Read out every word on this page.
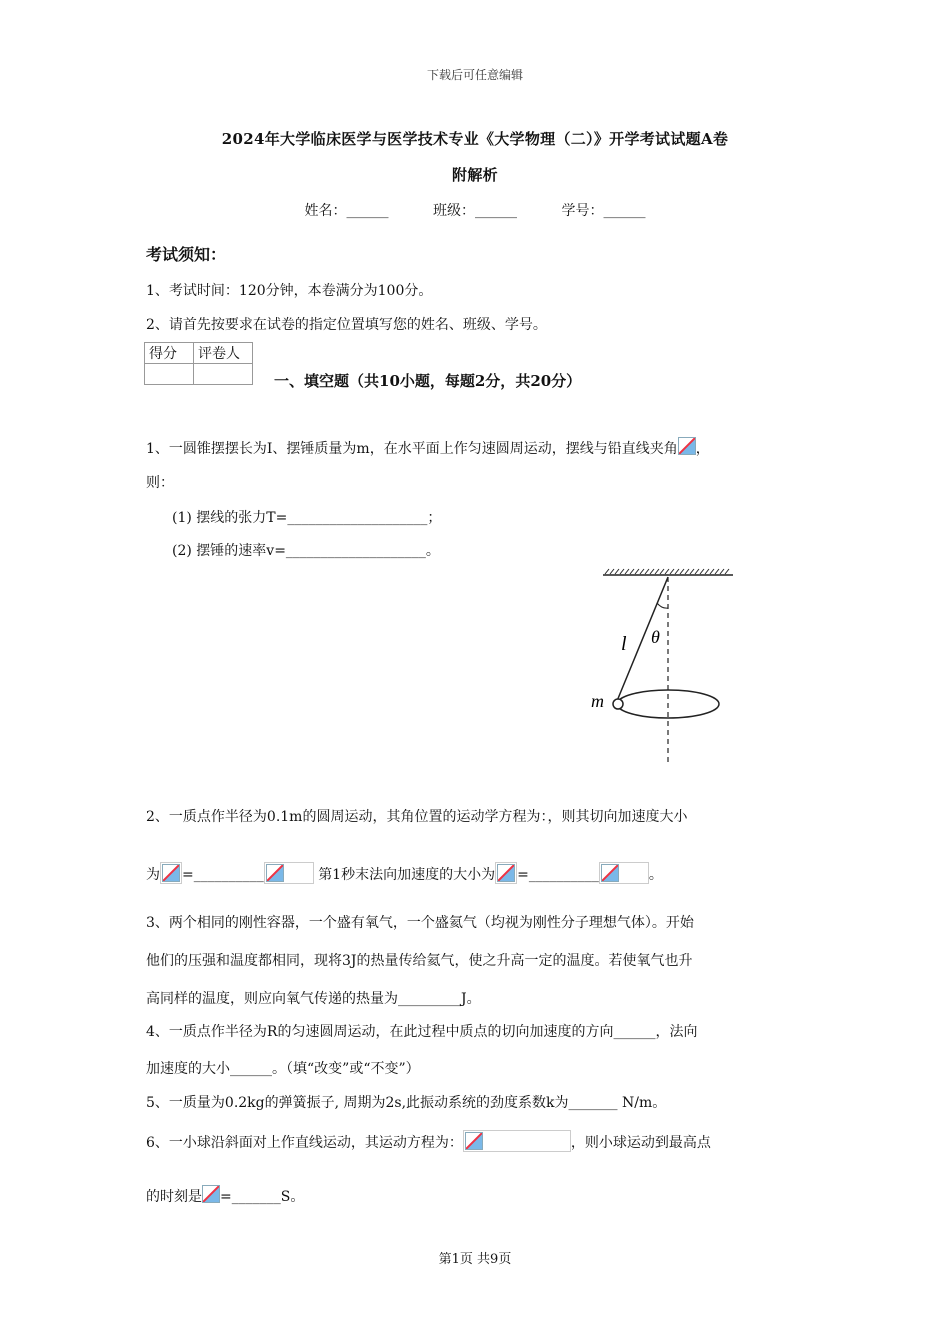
下载后可任意编辑
2024年大学临床医学与医学技术专业《大学物理（二）》开学考试试题A卷
附解析
姓名：______	班级：______	学号：______
考试须知：
1、考试时间：120分钟，本卷满分为100分。
2、请首先按要求在试卷的指定位置填写您的姓名、班级、学号。
得分	评卷人

一、填空题（共10小题，每题2分，共20分）
1、一圆锥摆摆长为I、摆锤质量为m，在水平面上作匀速圆周运动，摆线与铅直线夹角 ，
则：
(1) 摆线的张力T=____________________；
(2) 摆锤的速率v=____________________。
l θ
m
2、一质点作半径为0.1m的圆周运动，其角位置的运动学方程为：，则其切向加速度大小
为 =__________	第1秒末法向加速度的大小为 =__________	。
3、两个相同的刚性容器，一个盛有氧气，一个盛氦气（均视为刚性分子理想气体）。开始
他们的压强和温度都相同，现将3J的热量传给氦气，使之升高一定的温度。若使氧气也升
高同样的温度，则应向氧气传递的热量为_________J。
4、一质点作半径为R的匀速圆周运动，在此过程中质点的切向加速度的方向______，法向
加速度的大小______。（填“改变”或“不变”）
5、一质量为0.2kg的弹簧振子, 周期为2s,此振动系统的劲度系数k为_______ N/m。
6、一小球沿斜面对上作直线运动，其运动方程为：	，则小球运动到最高点
的时刻是 =_______S。
第1页 共9页
